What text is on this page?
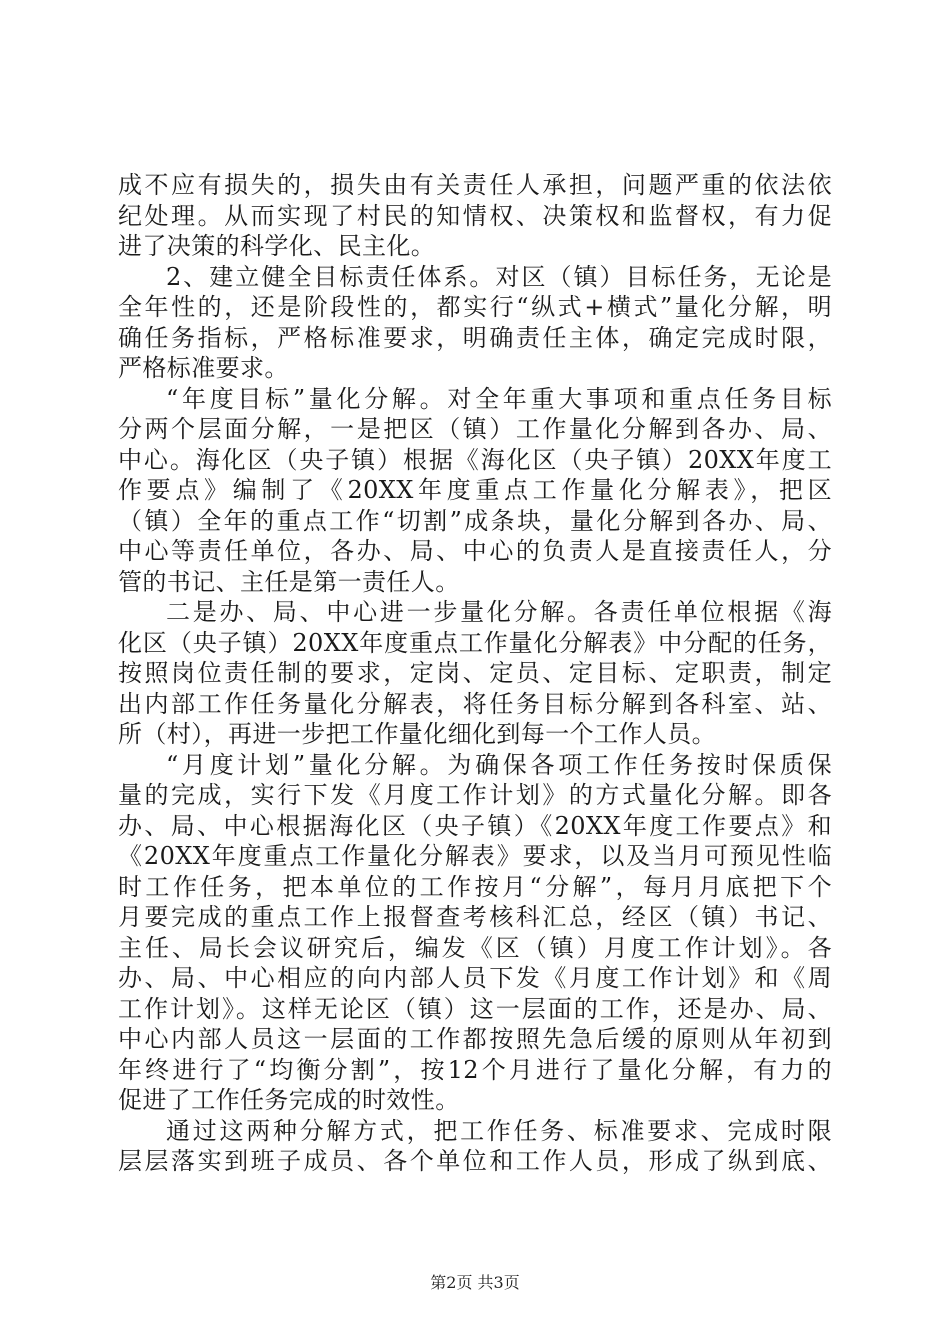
成不应有损失的，损失由有关责任人承担，问题严重的依法依
纪处理。从而实现了村民的知情权、决策权和监督权，有力促
进了决策的科学化、民主化。
2、建立健全目标责任体系。对区（镇）目标任务，无论是
全年性的，还是阶段性的，都实行“纵式+横式”量化分解，明
确任务指标，严格标准要求，明确责任主体，确定完成时限，
严格标准要求。
“年度目标”量化分解。对全年重大事项和重点任务目标
分两个层面分解，一是把区（镇）工作量化分解到各办、局、
中心。海化区（央子镇）根据《海化区（央子镇）20XX年度工
作要点》编制了《20XX年度重点工作量化分解表》，把区
（镇）全年的重点工作“切割”成条块，量化分解到各办、局、
中心等责任单位，各办、局、中心的负责人是直接责任人，分
管的书记、主任是第一责任人。
二是办、局、中心进一步量化分解。各责任单位根据《海
化区（央子镇）20XX年度重点工作量化分解表》中分配的任务，
按照岗位责任制的要求，定岗、定员、定目标、定职责，制定
出内部工作任务量化分解表，将任务目标分解到各科室、站、
所（村），再进一步把工作量化细化到每一个工作人员。
“月度计划”量化分解。为确保各项工作任务按时保质保
量的完成，实行下发《月度工作计划》的方式量化分解。即各
办、局、中心根据海化区（央子镇）《20XX年度工作要点》和
《20XX年度重点工作量化分解表》要求，以及当月可预见性临
时工作任务，把本单位的工作按月“分解”，每月月底把下个
月要完成的重点工作上报督查考核科汇总，经区（镇）书记、
主任、局长会议研究后，编发《区（镇）月度工作计划》。各
办、局、中心相应的向内部人员下发《月度工作计划》和《周
工作计划》。这样无论区（镇）这一层面的工作，还是办、局、
中心内部人员这一层面的工作都按照先急后缓的原则从年初到
年终进行了“均衡分割”，按12个月进行了量化分解，有力的
促进了工作任务完成的时效性。
通过这两种分解方式，把工作任务、标准要求、完成时限
层层落实到班子成员、各个单位和工作人员，形成了纵到底、
第2页 共3页
